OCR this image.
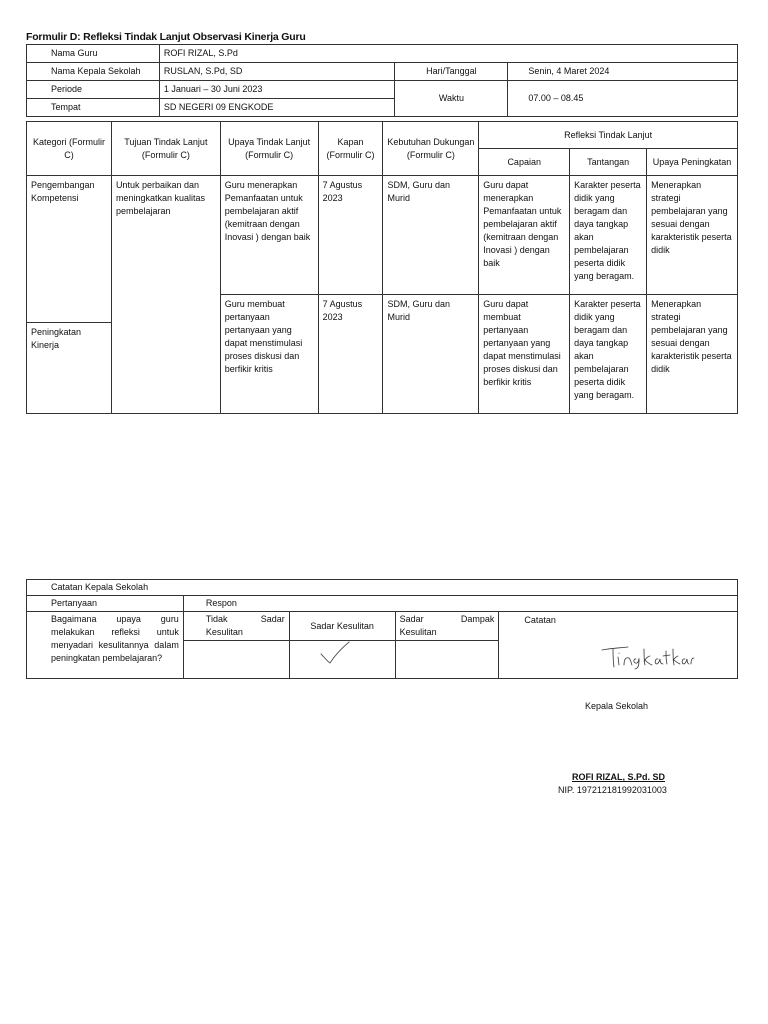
Formulir D: Refleksi Tindak Lanjut Observasi Kinerja Guru
Nama Guru	ROFI RIZAL, S.Pd		
Nama Kepala Sekolah	RUSLAN, S.Pd, SD	Hari/Tanggal	Senin, 4 Maret 2024
Periode	1 Januari – 30 Juni 2023	Waktu	07.00 – 08.45
Tempat	SD NEGERI 09 ENGKODE		
Kategori (Formulir C)	Tujuan Tindak Lanjut (Formulir C)	Upaya Tindak Lanjut (Formulir C)	Kapan (Formulir C)	Kebutuhan Dukungan (Formulir C)	Refleksi Tindak Lanjut		
					Capaian	Tantangan	Upaya Peningkatan
Pengembangan Kompetensi	Untuk perbaikan dan meningkatkan kualitas pembelajaran	Guru menerapkan Pemanfaatan untuk pembelajaran aktif (kemitraan dengan Inovasi ) dengan baik	7 Agustus 2023	SDM, Guru dan Murid	Guru dapat menerapkan Pemanfaatan untuk pembelajaran aktif (kemitraan dengan Inovasi ) dengan baik	Karakter peserta didik yang beragam dan daya tangkap akan pembelajaran peserta didik yang beragam.	Menerapkan strategi pembelajaran yang sesuai dengan karakteristik peserta didik

Peningkatan Kinerja		Guru membuat pertanyaan pertanyaan yang dapat menstimulasi proses diskusi dan berfikir kritis	7 Agustus 2023	SDM, Guru dan Murid	Guru dapat membuat pertanyaan pertanyaan yang dapat menstimulasi proses diskusi dan berfikir kritis	Karakter peserta didik yang beragam dan daya tangkap akan pembelajaran peserta didik yang beragam.	Menerapkan strategi pembelajaran yang sesuai dengan karakteristik peserta didik
Catatan Kepala Sekolah				
Pertanyaan	Respon			
Bagaimana upaya guru melakukan refleksi untuk menyadari kesulitannya dalam peningkatan pembelajaran?	Tidak Sadar Kesulitan	Sadar Kesulitan	Sadar Dampak Kesulitan	Catatan

Kepala Sekolah
ROFI RIZAL, S.Pd. SD
NIP. 197212181992031003
